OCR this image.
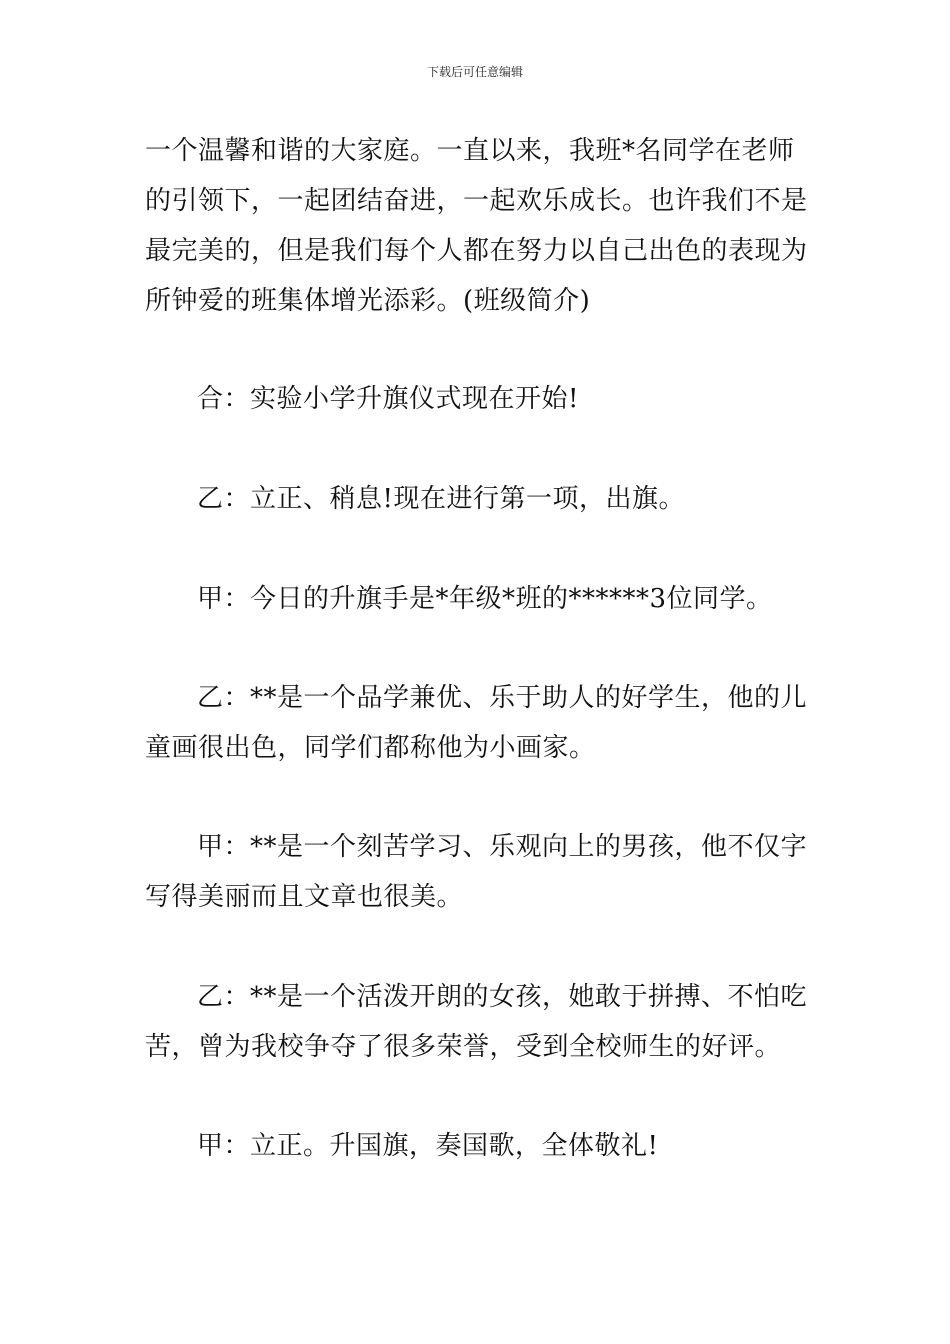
下载后可任意编辑

一个温馨和谐的大家庭。一直以来，我班*名同学在老师的引领下，一起团结奋进，一起欢乐成长。也许我们不是最完美的，但是我们每个人都在努力以自己出色的表现为所钟爱的班集体增光添彩。(班级简介)

合：实验小学升旗仪式现在开始!

乙：立正、稍息!现在进行第一项，出旗。

甲：今日的升旗手是*年级*班的******3位同学。

乙：**是一个品学兼优、乐于助人的好学生，他的儿童画很出色，同学们都称他为小画家。

甲：**是一个刻苦学习、乐观向上的男孩，他不仅字写得美丽而且文章也很美。

乙：**是一个活泼开朗的女孩，她敢于拼搏、不怕吃苦，曾为我校争夺了很多荣誉，受到全校师生的好评。

甲：立正。升国旗，奏国歌，全体敬礼!
